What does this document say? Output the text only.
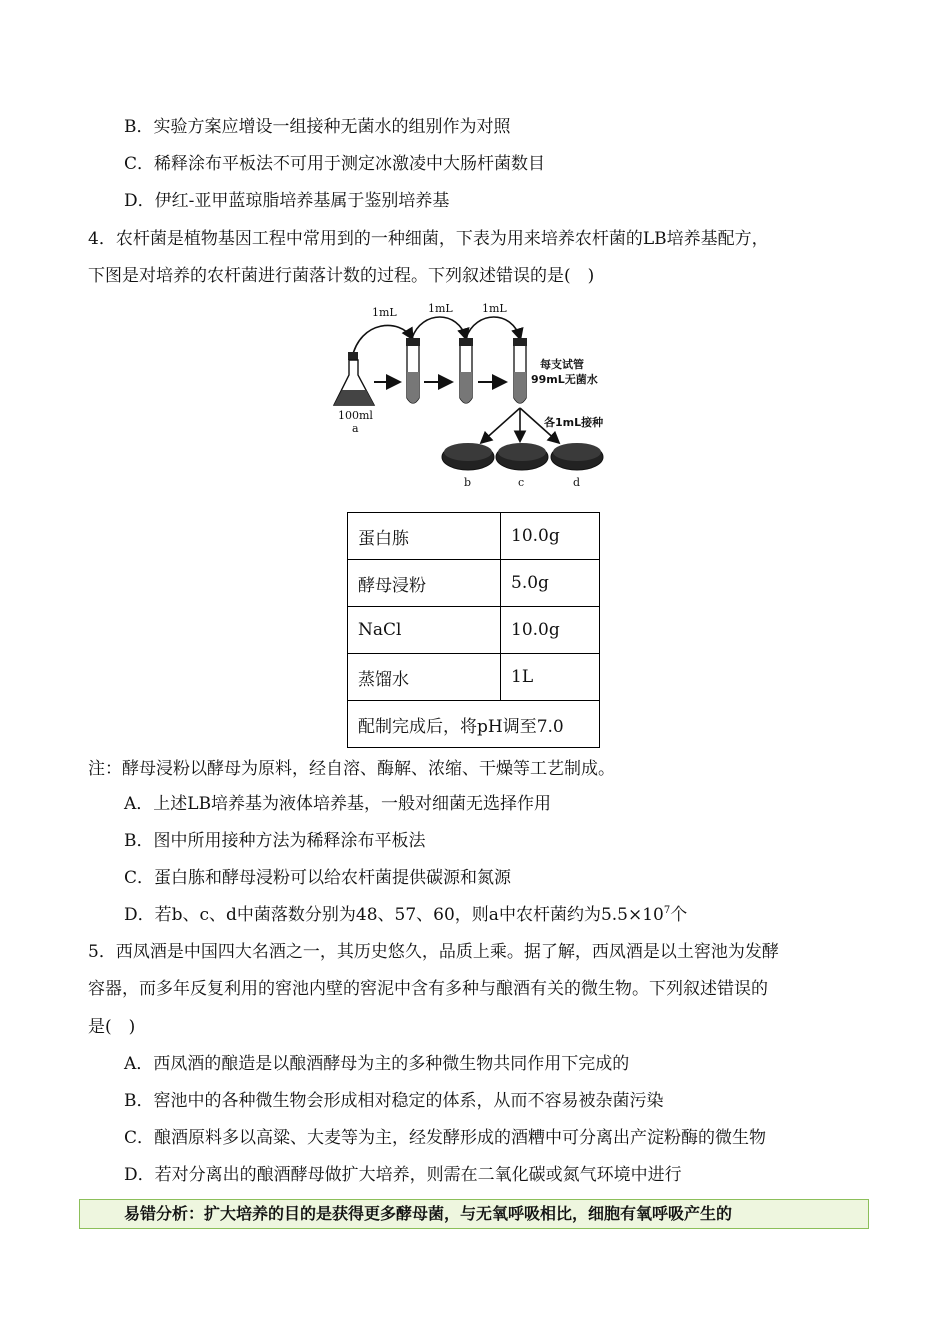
B．实验方案应增设一组接种无菌水的组别作为对照
C．稀释涂布平板法不可用于测定冰激凌中大肠杆菌数目
D．伊红-亚甲蓝琼脂培养基属于鉴别培养基
4．农杆菌是植物基因工程中常用到的一种细菌，下表为用来培养农杆菌的LB培养基配方，
下图是对培养的农杆菌进行菌落计数的过程。下列叙述错误的是(　)
1mL	1mL	1mL
100ml
a
每支试管
99mL无菌水
各1mL接种
b	c	d
蛋白胨	10.0g
酵母浸粉	5.0g
NaCl	10.0g
蒸馏水	1L
配制完成后，将pH调至7.0	
注：酵母浸粉以酵母为原料，经自溶、酶解、浓缩、干燥等工艺制成。
A．上述LB培养基为液体培养基，一般对细菌无选择作用
B．图中所用接种方法为稀释涂布平板法
C．蛋白胨和酵母浸粉可以给农杆菌提供碳源和氮源
D．若b、c、d中菌落数分别为48、57、60，则a中农杆菌约为$5.5\times 10^7$个
5．西凤酒是中国四大名酒之一，其历史悠久，品质上乘。据了解，西凤酒是以土窖池为发酵
容器，而多年反复利用的窖池内壁的窖泥中含有多种与酿酒有关的微生物。下列叙述错误的
是(　)
A．西凤酒的酿造是以酿酒酵母为主的多种微生物共同作用下完成的
B．窖池中的各种微生物会形成相对稳定的体系，从而不容易被杂菌污染
C．酿酒原料多以高粱、大麦等为主，经发酵形成的酒糟中可分离出产淀粉酶的微生物
D．若对分离出的酿酒酵母做扩大培养，则需在二氧化碳或氮气环境中进行
易错分析：扩大培养的目的是获得更多酵母菌，与无氧呼吸相比，细胞有氧呼吸产生的
